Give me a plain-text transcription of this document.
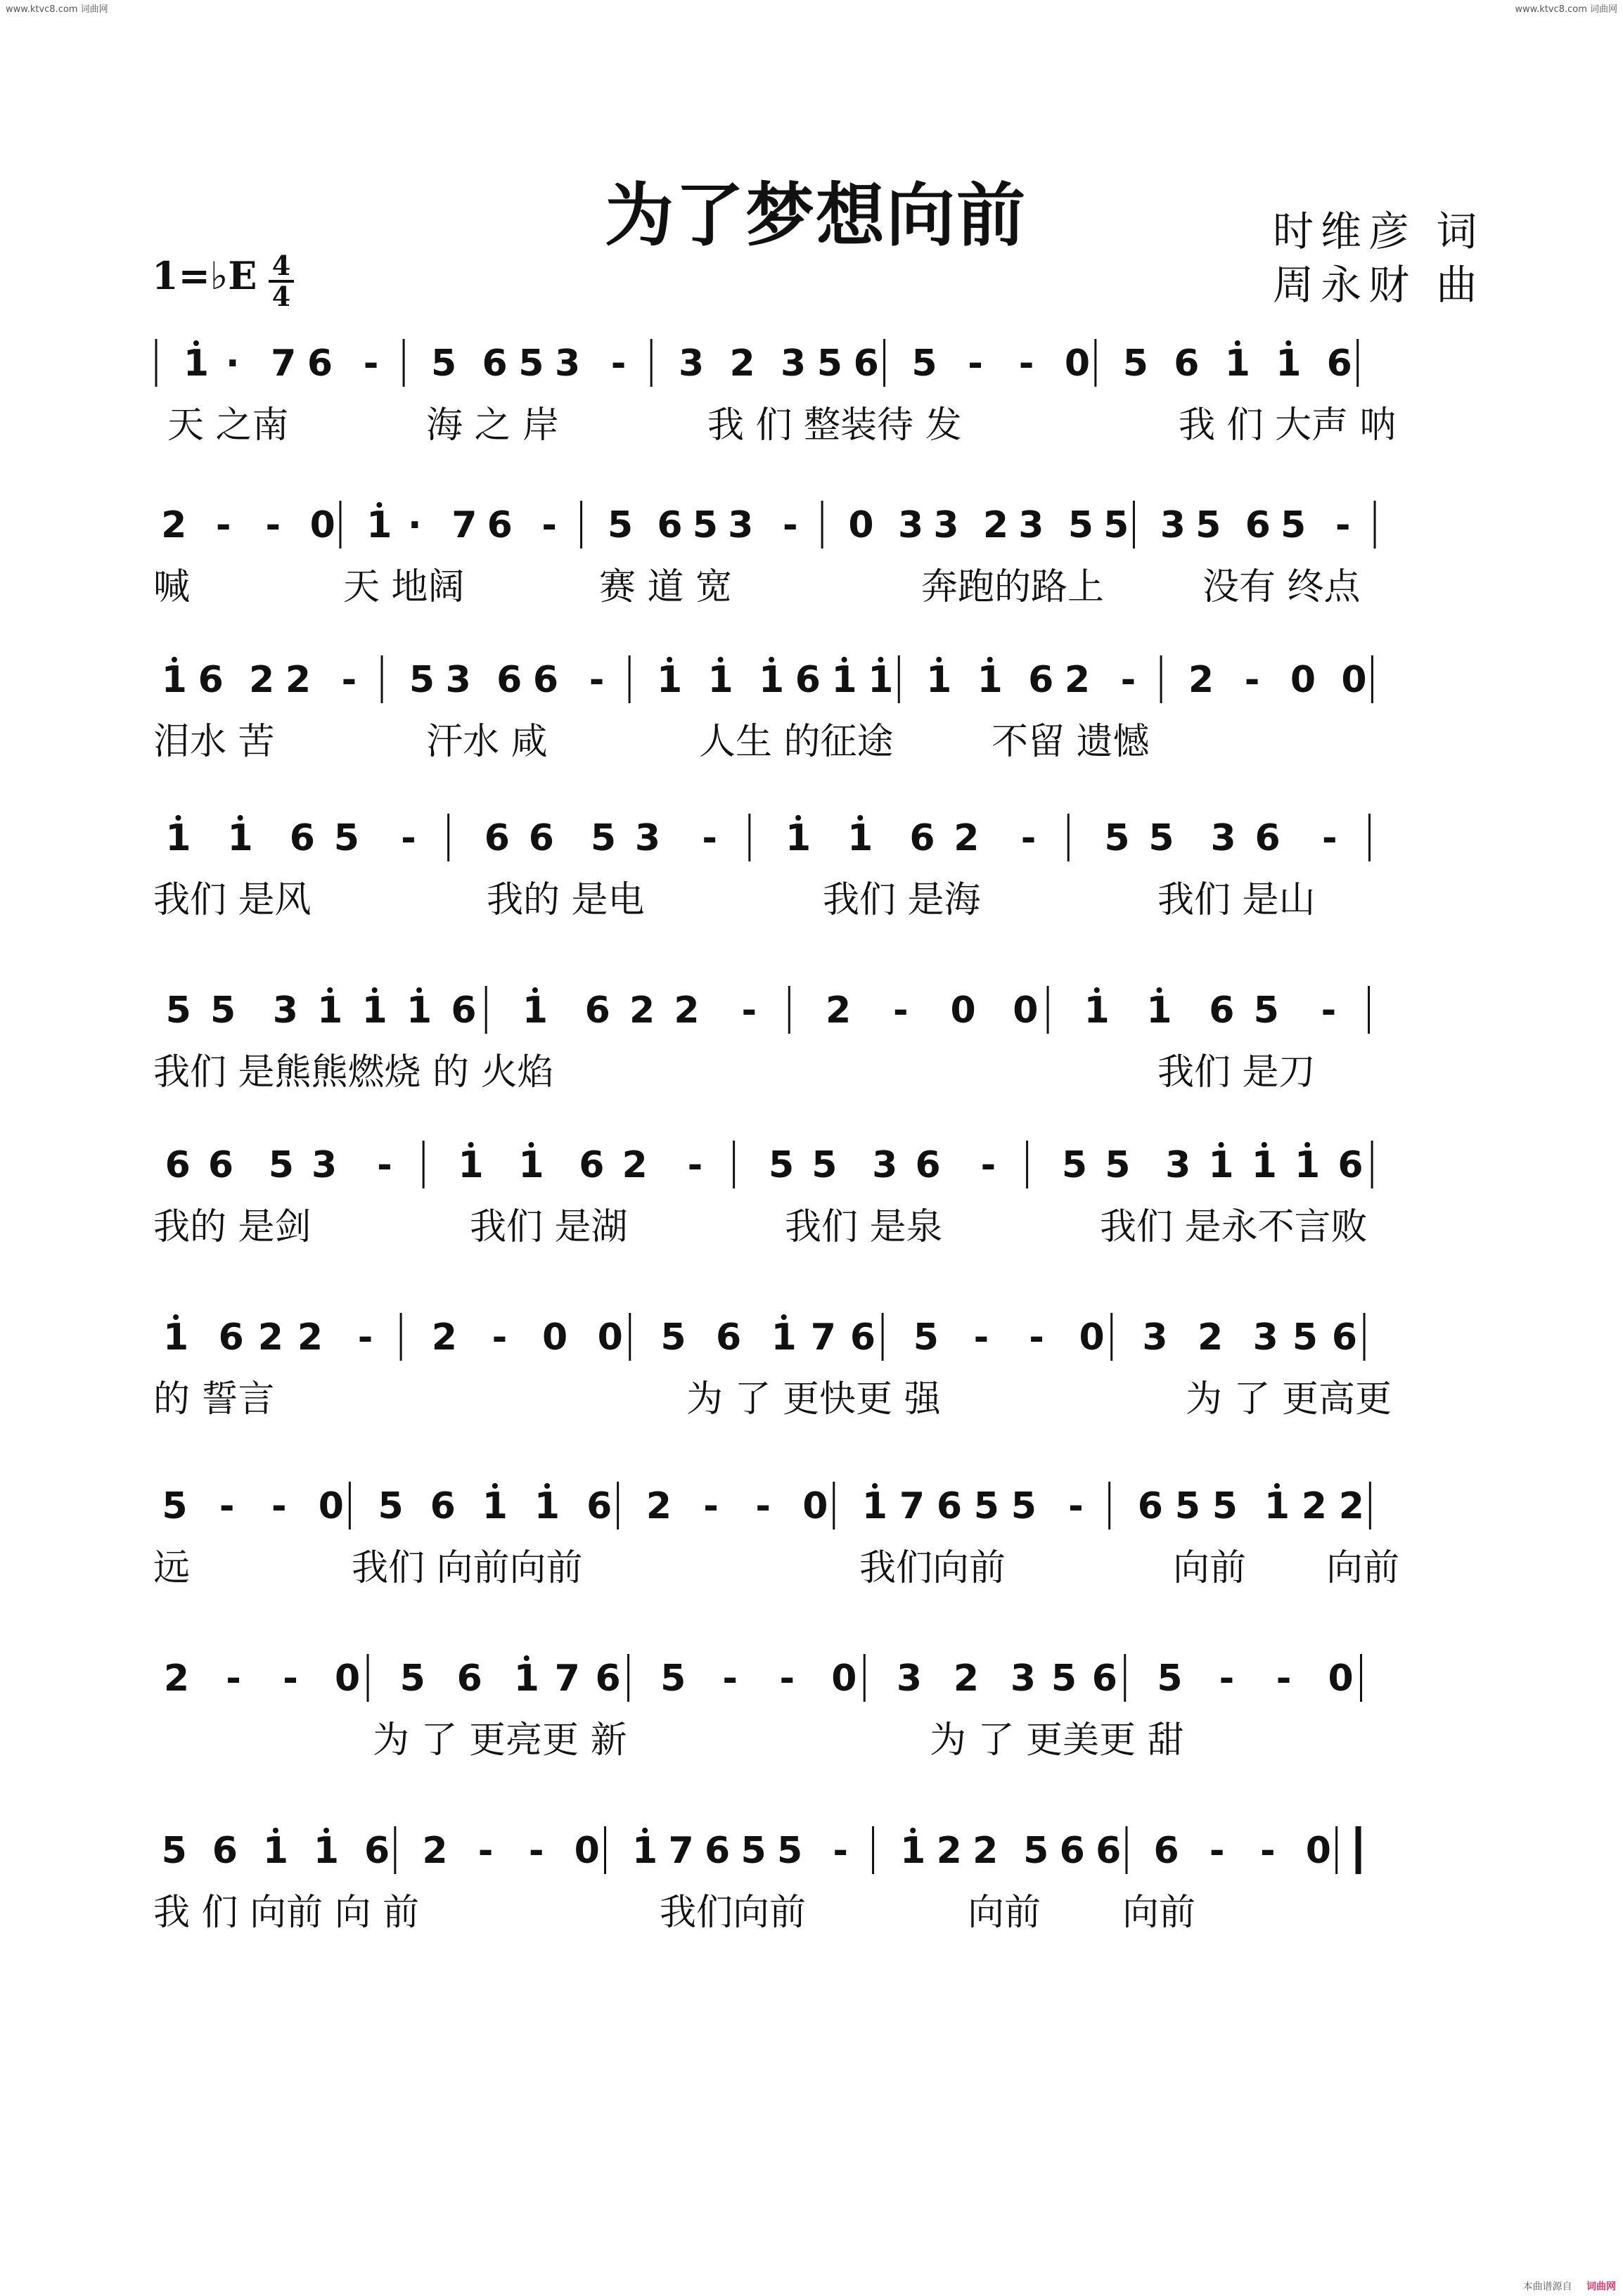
www.ktvc8.com 词曲网	www.ktvc8.com 词曲网
本曲谱源自 词曲网
为了梦想向前	时维彦 词
周永财 曲
1=♭E 4
4
天 之南	海 之 岸	我 们 整装待 发	我 们 大声 呐
喊	天 地阔	赛 道 宽	奔跑的路上	没有 终点
泪水 苦	汗水 咸	人生 的征途	不留 遗憾
我们 是风	我的 是电	我们 是海	我们 是山
我们 是熊熊燃烧 的 火焰	我们 是刀
我的 是剑	我们 是湖	我们 是泉	我们 是永不言败
的 誓言	为 了 更快更 强	为 了 更高更
远	我们 向前向前	我们向前	向前 向前
为 了 更亮更 新	为 了 更美更 甜
我 们 向前 向 前	我们向前	向前 向前
